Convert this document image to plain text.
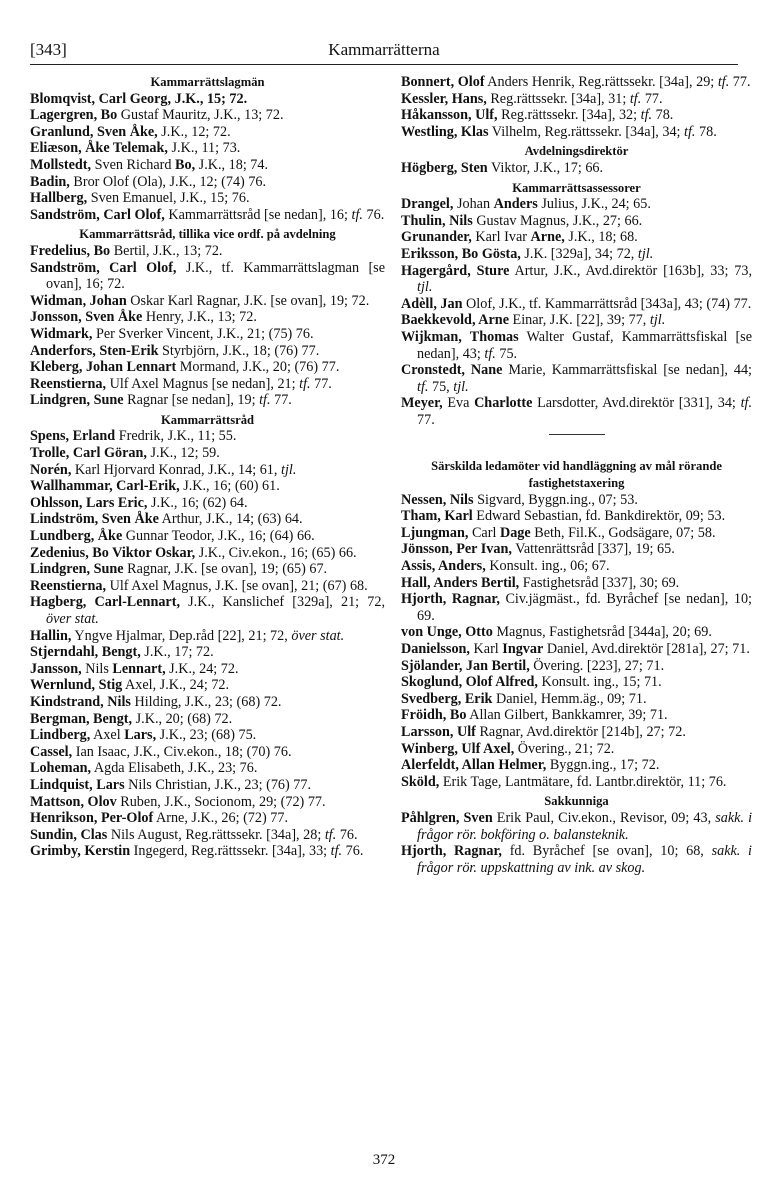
[343]	Kammarrätterna
Kammarrättslagmän
Blomqvist, Carl Georg, J.K., 15; 72.
Lagergren, Bo Gustaf Mauritz, J.K., 13; 72.
Granlund, Sven Åke, J.K., 12; 72.
Eliæson, Åke Telemak, J.K., 11; 73.
Mollstedt, Sven Richard Bo, J.K., 18; 74.
Badin, Bror Olof (Ola), J.K., 12; (74) 76.
Hallberg, Sven Emanuel, J.K., 15; 76.
Sandström, Carl Olof, Kammarrättsråd [se nedan], 16; tf. 76.
Kammarrättsråd, tillika vice ordf. på avdelning
Fredelius, Bo Bertil, J.K., 13; 72.
Sandström, Carl Olof, J.K., tf. Kammarrättslagman [se ovan], 16; 72.
Widman, Johan Oskar Karl Ragnar, J.K. [se ovan], 19; 72.
Jonsson, Sven Åke Henry, J.K., 13; 72.
Widmark, Per Sverker Vincent, J.K., 21; (75) 76.
Anderfors, Sten-Erik Styrbjörn, J.K., 18; (76) 77.
Kleberg, Johan Lennart Mormand, J.K., 20; (76) 77.
Reenstierna, Ulf Axel Magnus [se nedan], 21; tf. 77.
Lindgren, Sune Ragnar [se nedan], 19; tf. 77.
Kammarrättsråd
Spens, Erland Fredrik, J.K., 11; 55.
Trolle, Carl Göran, J.K., 12; 59.
Norén, Karl Hjorvard Konrad, J.K., 14; 61, tjl.
Wallhammar, Carl-Erik, J.K., 16; (60) 61.
Ohlsson, Lars Eric, J.K., 16; (62) 64.
Lindström, Sven Åke Arthur, J.K., 14; (63) 64.
Lundberg, Åke Gunnar Teodor, J.K., 16; (64) 66.
Zedenius, Bo Viktor Oskar, J.K., Civ.ekon., 16; (65) 66.
Lindgren, Sune Ragnar, J.K. [se ovan], 19; (65) 67.
Reenstierna, Ulf Axel Magnus, J.K. [se ovan], 21; (67) 68.
Hagberg, Carl-Lennart, J.K., Kanslichef [329a], 21; 72, över stat.
Hallin, Yngve Hjalmar, Dep.råd [22], 21; 72, över stat.
Stjerndahl, Bengt, J.K., 17; 72.
Jansson, Nils Lennart, J.K., 24; 72.
Wernlund, Stig Axel, J.K., 24; 72.
Kindstrand, Nils Hilding, J.K., 23; (68) 72.
Bergman, Bengt, J.K., 20; (68) 72.
Lindberg, Axel Lars, J.K., 23; (68) 75.
Cassel, Ian Isaac, J.K., Civ.ekon., 18; (70) 76.
Loheman, Agda Elisabeth, J.K., 23; 76.
Lindquist, Lars Nils Christian, J.K., 23; (76) 77.
Mattson, Olov Ruben, J.K., Socionom, 29; (72) 77.
Henrikson, Per-Olof Arne, J.K., 26; (72) 77.
Sundin, Clas Nils August, Reg.rättssekr. [34a], 28; tf. 76.
Grimby, Kerstin Ingegerd, Reg.rättssekr. [34a], 33; tf. 76.
Bonnert, Olof Anders Henrik, Reg.rättssekr. [34a], 29; tf. 77.
Kessler, Hans, Reg.rättssekr. [34a], 31; tf. 77.
Håkansson, Ulf, Reg.rättssekr. [34a], 32; tf. 78.
Westling, Klas Vilhelm, Reg.rättssekr. [34a], 34; tf. 78.
Avdelningsdirektör
Högberg, Sten Viktor, J.K., 17; 66.
Kammarrättsassessorer
Drangel, Johan Anders Julius, J.K., 24; 65.
Thulin, Nils Gustav Magnus, J.K., 27; 66.
Grunander, Karl Ivar Arne, J.K., 18; 68.
Eriksson, Bo Gösta, J.K. [329a], 34; 72, tjl.
Hagergård, Sture Artur, J.K., Avd.direktör [163b], 33; 73, tjl.
Adèll, Jan Olof, J.K., tf. Kammarrättsråd [343a], 43; (74) 77.
Baekkevold, Arne Einar, J.K. [22], 39; 77, tjl.
Wijkman, Thomas Walter Gustaf, Kammarrättsfiskal [se nedan], 43; tf. 75.
Cronstedt, Nane Marie, Kammarrättsfiskal [se nedan], 44; tf. 75, tjl.
Meyer, Eva Charlotte Larsdotter, Avd.direktör [331], 34; tf. 77.
Särskilda ledamöter vid handläggning av mål rörande fastighetstaxering
Nessen, Nils Sigvard, Byggn.ing., 07; 53.
Tham, Karl Edward Sebastian, fd. Bankdirektör, 09; 53.
Ljungman, Carl Dage Beth, Fil.K., Godsägare, 07; 58.
Jönsson, Per Ivan, Vattenrättsråd [337], 19; 65.
Assis, Anders, Konsult. ing., 06; 67.
Hall, Anders Bertil, Fastighetsråd [337], 30; 69.
Hjorth, Ragnar, Civ.jägmäst., fd. Byråchef [se nedan], 10; 69.
von Unge, Otto Magnus, Fastighetsråd [344a], 20; 69.
Danielsson, Karl Ingvar Daniel, Avd.direktör [281a], 27; 71.
Sjölander, Jan Bertil, Övering. [223], 27; 71.
Skoglund, Olof Alfred, Konsult. ing., 15; 71.
Svedberg, Erik Daniel, Hemm.äg., 09; 71.
Fröidh, Bo Allan Gilbert, Bankkamrer, 39; 71.
Larsson, Ulf Ragnar, Avd.direktör [214b], 27; 72.
Winberg, Ulf Axel, Övering., 21; 72.
Alerfeldt, Allan Helmer, Byggn.ing., 17; 72.
Sköld, Erik Tage, Lantmätare, fd. Lantbr.direktör, 11; 76.
Sakkunniga
Påhlgren, Sven Erik Paul, Civ.ekon., Revisor, 09; 43, sakk. i frågor rör. bokföring o. balansteknik.
Hjorth, Ragnar, fd. Byråchef [se ovan], 10; 68, sakk. i frågor rör. uppskattning av ink. av skog.
372
